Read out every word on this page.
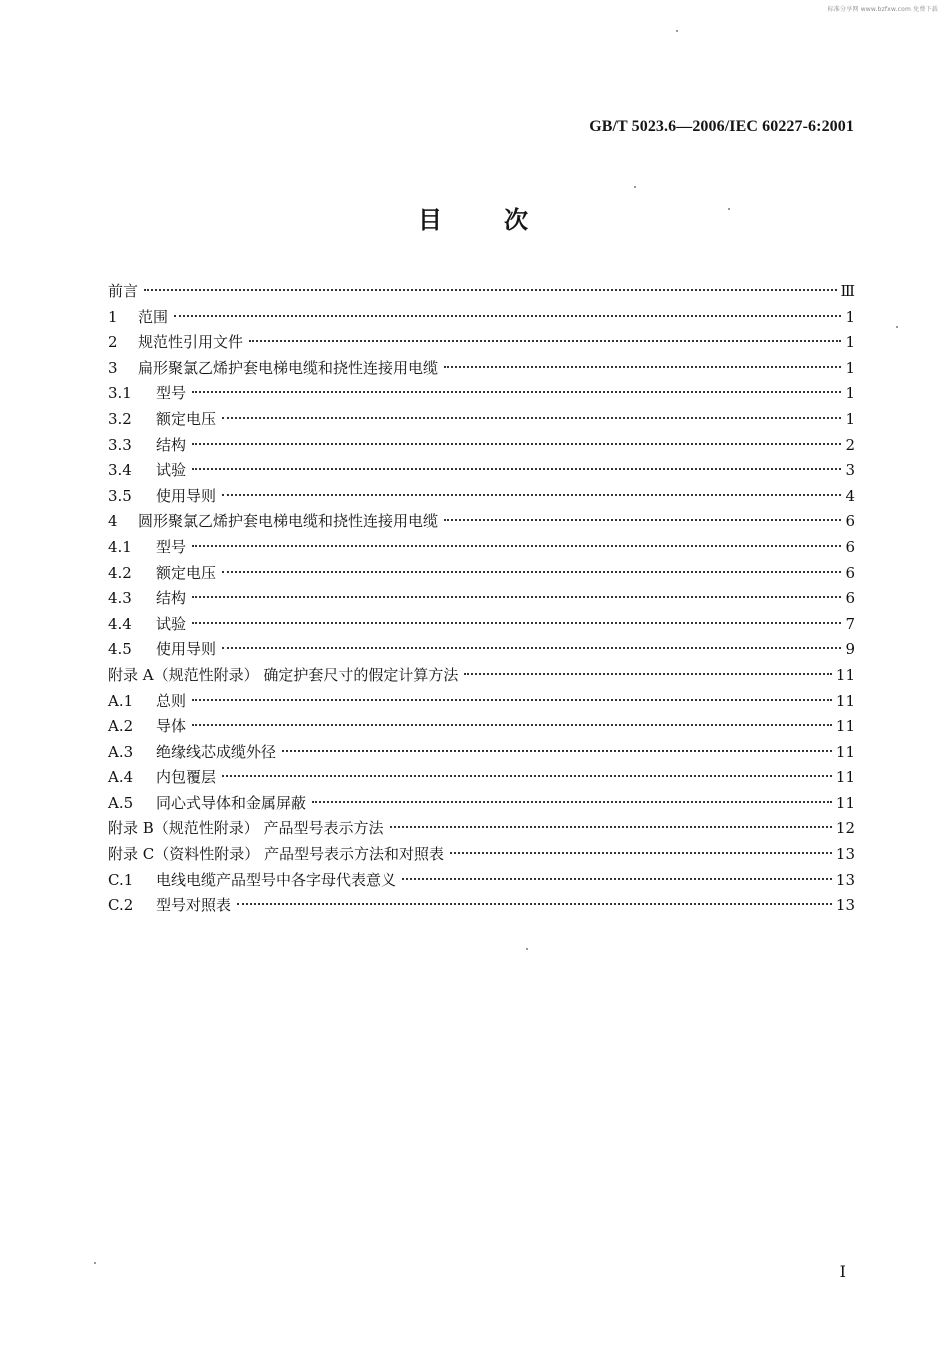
标准分享网 www.bzfxw.com 免费下载
GB/T 5023.6—2006/IEC 60227-6:2001
目次
前言	Ⅲ
1 范围	1
2 规范性引用文件	1
3 扁形聚氯乙烯护套电梯电缆和挠性连接用电缆	1
3.1 型号	1
3.2 额定电压	1
3.3 结构	2
3.4 试验	3
3.5 使用导则	4
4 圆形聚氯乙烯护套电梯电缆和挠性连接用电缆	6
4.1 型号	6
4.2 额定电压	6
4.3 结构	6
4.4 试验	7
4.5 使用导则	9
附录 A（规范性附录） 确定护套尺寸的假定计算方法	11
A.1 总则	11
A.2 导体	11
A.3 绝缘线芯成缆外径	11
A.4 内包覆层	11
A.5 同心式导体和金属屏蔽	11
附录 B（规范性附录） 产品型号表示方法	12
附录 C（资料性附录） 产品型号表示方法和对照表	13
C.1 电线电缆产品型号中各字母代表意义	13
C.2 型号对照表	13
I
